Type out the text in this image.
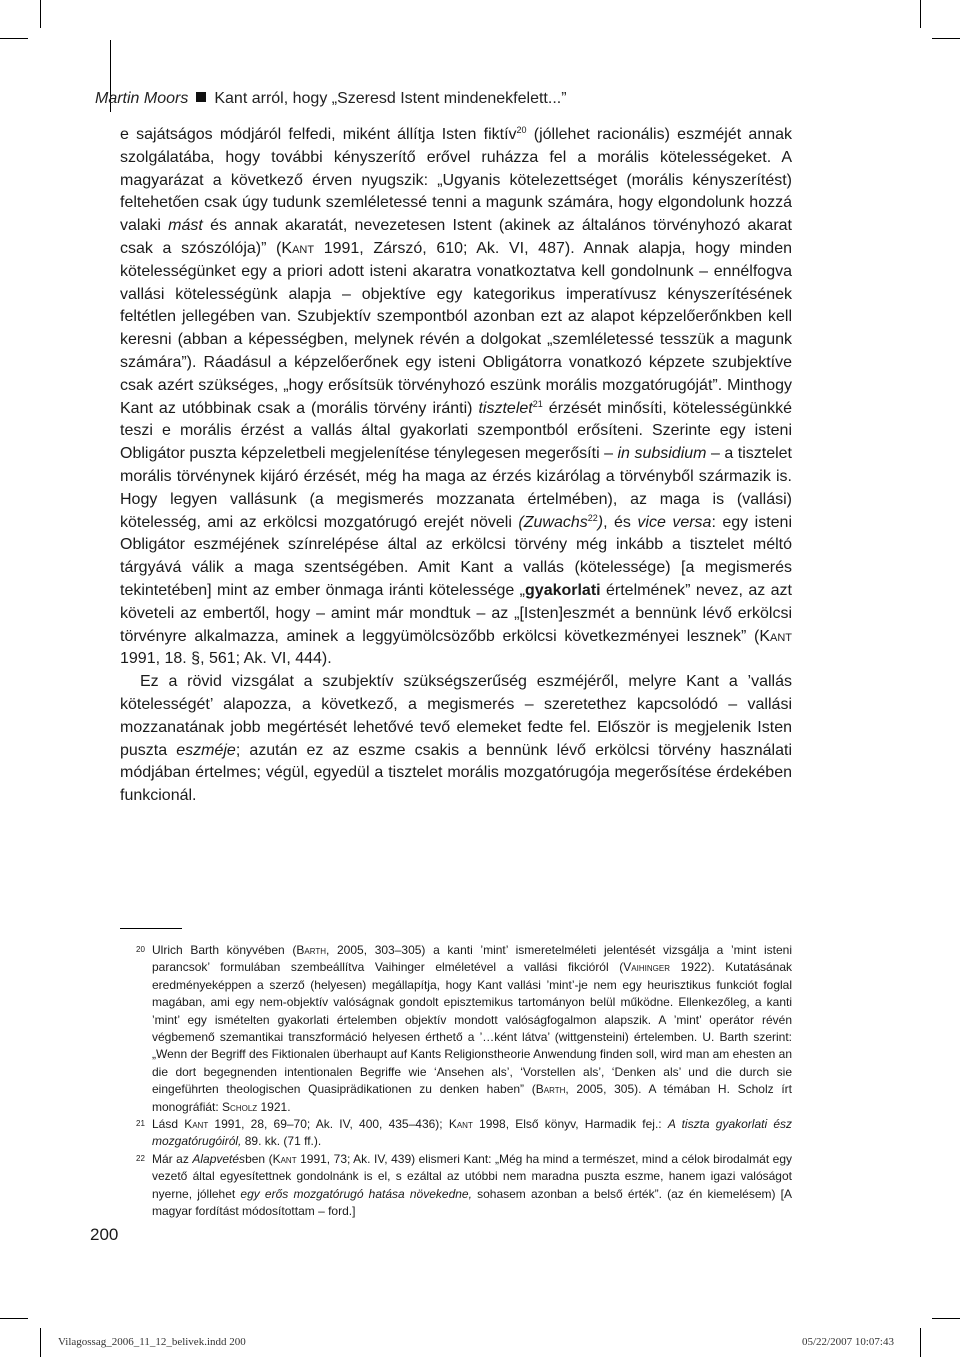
Martin Moors Kant arról, hogy „Szeresd Istent mindenekfelett...”

e sajátságos módjáról felfedi, miként állítja Isten fiktív$^{20}$ (jóllehet racionális) eszméjét annak szolgálatába, hogy további kényszerítő erővel ruházza fel a morális kötelességeket. A magyarázat a következő érven nyugszik: „Ugyanis kötelezettséget (morális kényszerítést) feltehetően csak úgy tudunk szemléletessé tenni a magunk számára, hogy elgondolunk hozzá valaki mást és annak akaratát, nevezetesen Istent (akinek az általános törvényhozó akarat csak a szószólója)” (Kant 1991, Zárszó, 610; Ak. VI, 487). Annak alapja, hogy minden kötelességünket egy a priori adott isteni akaratra vonatkoztatva kell gondolnunk – ennélfogva vallási kötelességünk alapja – objektíve egy kategorikus imperatívusz kényszerítésének feltétlen jellegében van. Szubjektív szempontból azonban ezt az alapot képzelőerőnkben kell keresni (abban a képességben, melynek révén a dolgokat „szemléletessé tesszük a magunk számára”). Ráadásul a képzelőerőnek egy isteni Obligátorra vonatkozó képzete szubjektíve csak azért szükséges, „hogy erősítsük törvényhozó eszünk morális mozgatórugóját”. Minthogy Kant az utóbbinak csak a (morális törvény iránti) tisztelet$^{21}$ érzését minősíti, kötelességünkké teszi e morális érzést a vallás által gyakorlati szempontból erősíteni. Szerinte egy isteni Obligátor puszta képzeletbeli megjelenítése ténylegesen megerősíti – in subsidium – a tisztelet morális törvénynek kijáró érzését, még ha maga az érzés kizárólag a törvényből származik is. Hogy legyen vallásunk (a megismerés mozzanata értelmében), az maga is (vallási) kötelesség, ami az erkölcsi mozgatórugó erejét növeli (Zuwachs$^{22}$), és vice versa: egy isteni Obligátor eszméjének színrelépése által az erkölcsi törvény még inkább a tisztelet méltó tárgyává válik a maga szentségében. Amit Kant a vallás (kötelessége) [a megismerés tekintetében] mint az ember önmaga iránti kötelessége „gyakorlati értelmének” nevez, az azt követeli az embertől, hogy – amint már mondtuk – az „[Isten]eszmét a bennünk lévő erkölcsi törvényre alkalmazza, aminek a leggyümölcsözőbb erkölcsi következményei lesznek” (Kant 1991, 18. §, 561; Ak. VI, 444).

Ez a rövid vizsgálat a szubjektív szükségszerűség eszméjéről, melyre Kant a ’vallás kötelességét’ alapozza, a következő, a megismerés – szeretethez kapcsolódó – vallási mozzanatának jobb megértését lehetővé tevő elemeket fedte fel. Először is megjelenik Isten puszta eszméje; azután ez az eszme csakis a bennünk lévő erkölcsi törvény használati módjában értelmes; végül, egyedül a tisztelet morális mozgatórugója megerősítése érdekében funkcionál.

20 Ulrich Barth könyvében (Barth, 2005, 303–305) a kanti ’mint’ ismeretelméleti jelentését vizsgálja a ’mint isteni parancsok’ formulában szembeállítva Vaihinger elméletével a vallási fikcióról (Vaihinger 1922). Kutatásának eredményeképpen a szerző (helyesen) megállapítja, hogy Kant vallási ’mint’-je nem egy heurisztikus funkciót foglal magában, ami egy nem-objektív valóságnak gondolt episztemikus tartományon belül működne. Ellenkezőleg, a kanti ’mint’ egy ismételten gyakorlati értelemben objektív mondott valóságfogalmon alapszik. A ’mint’ operátor révén végbemenő szemantikai transzformáció helyesen érthető a ’…ként látva’ (wittgensteini) értelemben. U. Barth szerint: „Wenn der Begriff des Fiktionalen überhaupt auf Kants Religionstheorie Anwendung finden soll, wird man am ehesten an die dort begegnenden intentionalen Begriffe wie ‘Ansehen als’, ‘Vorstellen als’, ‘Denken als’ und die durch sie eingeführten theologischen Quasiprädikationen zu denken haben” (Barth, 2005, 305). A témában H. Scholz írt monográfiát: Scholz 1921.

21 Lásd Kant 1991, 28, 69–70; Ak. IV, 400, 435–436); Kant 1998, Első könyv, Harmadik fej.: A tiszta gyakorlati ész mozgatórugóiról, 89. kk. (71 ff.).

22 Már az Alapvetésben (Kant 1991, 73; Ak. IV, 439) elismeri Kant: „Még ha mind a természet, mind a célok birodalmát egy vezető által egyesítettnek gondolnánk is el, s ezáltal az utóbbi nem maradna puszta eszme, hanem igazi valóságot nyerne, jóllehet egy erős mozgatórugó hatása növekedne, sohasem azonban a belső érték”. (az én kiemelésem) [A magyar fordítást módosítottam – ford.]

200
Vilagossag_2006_11_12_belivek.indd 200	05/22/2007 10:07:43
